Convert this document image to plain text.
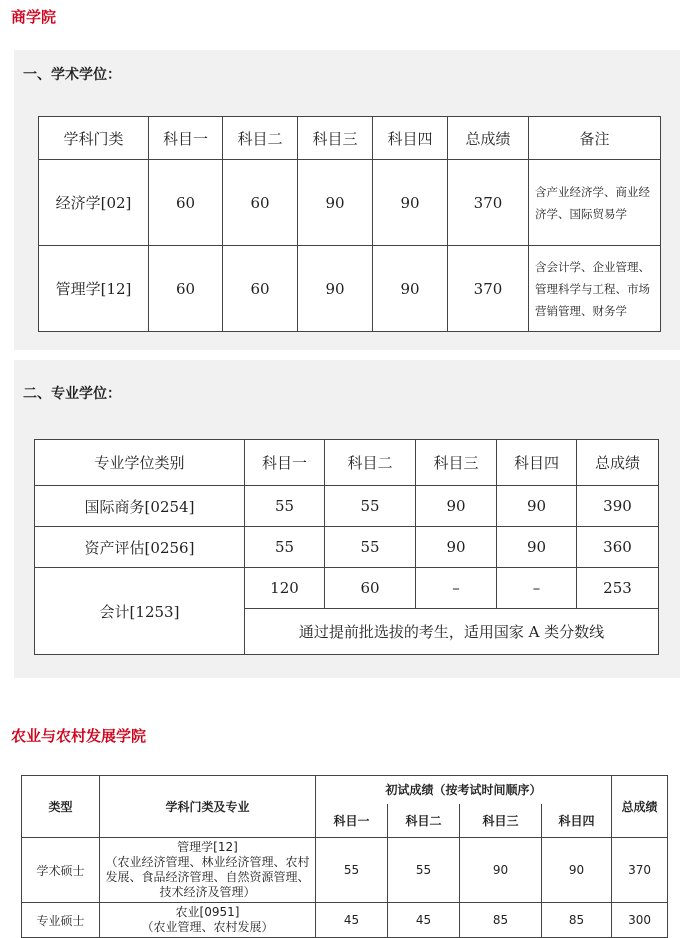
商学院
一、学术学位：
学科门类	科目一	科目二	科目三	科目四	总成绩	备注
经济学[02]	60	60	90	90	370	含产业经济学、商业经济学、国际贸易学
管理学[12]	60	60	90	90	370	含会计学、企业管理、管理科学与工程、市场营销管理、财务学
二、专业学位：
专业学位类别	科目一	科目二	科目三	科目四	总成绩
国际商务[0254]	55	55	90	90	390
资产评估[0256]	55	55	90	90	360
会计[1253]	120	60	–	–	253
	通过提前批选拔的考生，适用国家 A 类分数线				
农业与农村发展学院
类型	学科门类及专业	初试成绩（按考试时间顺序）				总成绩
		科目一	科目二	科目三	科目四	
学术硕士	管理学[12]
（农业经济管理、林业经济管理、农村
发展、食品经济管理、自然资源管理、
技术经济及管理）	55	55	90	90	370
专业硕士	农业[0951]
（农业管理、农村发展）	45	45	85	85	300
